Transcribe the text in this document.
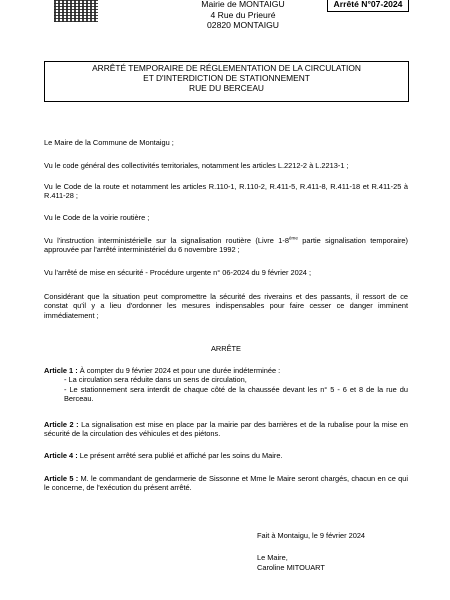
Mairie de MONTAIGU
4 Rue du Prieuré
02820 MONTAIGU
Arrêté N°07-2024
ARRÊTÉ TEMPORAIRE DE RÉGLEMENTATION DE LA CIRCULATION
ET D'INTERDICTION DE STATIONNEMENT
RUE DU BERCEAU
Le Maire de la Commune de Montaigu ;
Vu le code général des collectivités territoriales, notamment les articles L.2212-2 à L.2213-1 ;
Vu le Code de la route et notamment les articles R.110-1, R.110-2, R.411-5, R.411-8, R.411-18 et R.411-25 à R.411-28 ;
Vu le Code de la voirie routière ;
Vu l'instruction interministérielle sur la signalisation routière (Livre 1-8ème partie signalisation temporaire) approuvée par l'arrêté interministériel du 6 novembre 1992 ;
Vu l'arrêté de mise en sécurité - Procédure urgente n° 06-2024 du 9 février 2024 ;
Considérant que la situation peut compromettre la sécurité des riverains et des passants, il ressort de ce constat qu'il y a lieu d'ordonner les mesures indispensables pour faire cesser ce danger imminent immédiatement ;
ARRÊTE
Article 1 : À compter du 9 février 2024 et pour une durée indéterminée :
- La circulation sera réduite dans un sens de circulation,
- Le stationnement sera interdit de chaque côté de la chaussée devant les n° 5 - 6 et 8 de la rue du Berceau.
Article 2 : La signalisation est mise en place par la mairie par des barrières et de la rubalise pour la mise en sécurité de la circulation des véhicules et des piétons.
Article 4 : Le présent arrêté sera publié et affiché par les soins du Maire.
Article 5 : M. le commandant de gendarmerie de Sissonne et Mme le Maire seront chargés, chacun en ce qui le concerne, de l'exécution du présent arrêté.
Fait à Montaigu, le 9 février 2024
Le Maire,
Caroline MITOUART
